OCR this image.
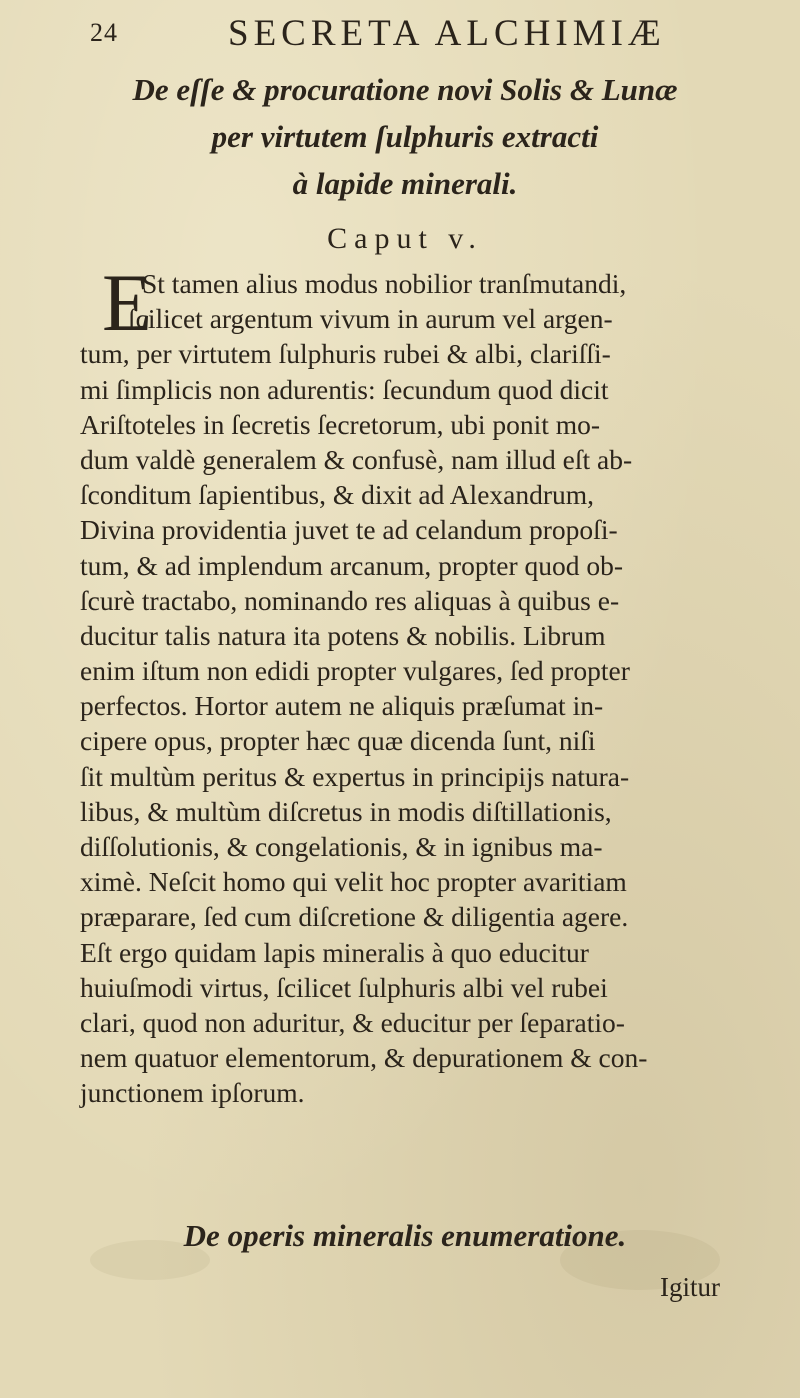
24	SECRETA ALCHIMIÆ
De eſſe & procuratione novi Solis & Lunæ
per virtutem ſulphuris extracti
à lapide minerali.
Caput v.
E
St tamen alius modus nobilior tranſmutandi,
ſcilicet argentum vivum in aurum vel argen-
tum, per virtutem ſulphuris rubei & albi, clariſſi-
mi ſimplicis non adurentis: ſecundum quod dicit
Ariſtoteles in ſecretis ſecretorum, ubi ponit mo-
dum valdè generalem & confusè, nam illud eſt ab-
ſconditum ſapientibus, & dixit ad Alexandrum,
Divina providentia juvet te ad celandum propoſi-
tum, & ad implendum arcanum, propter quod ob-
ſcurè tractabo, nominando res aliquas à quibus e-
ducitur talis natura ita potens & nobilis. Librum
enim iſtum non edidi propter vulgares, ſed propter
perfectos. Hortor autem ne aliquis præſumat in-
cipere opus, propter hæc quæ dicenda ſunt, niſi
ſit multùm peritus & expertus in principijs natura-
libus, & multùm diſcretus in modis diſtillationis,
diſſolutionis, & congelationis, & in ignibus ma-
ximè. Neſcit homo qui velit hoc propter avaritiam
præparare, ſed cum diſcretione & diligentia agere.
Eſt ergo quidam lapis mineralis à quo educitur
huiuſmodi virtus, ſcilicet ſulphuris albi vel rubei
clari, quod non aduritur, & educitur per ſeparatio-
nem quatuor elementorum, & depurationem & con-
junctionem ipſorum.
De operis mineralis enumeratione.
Igitur
